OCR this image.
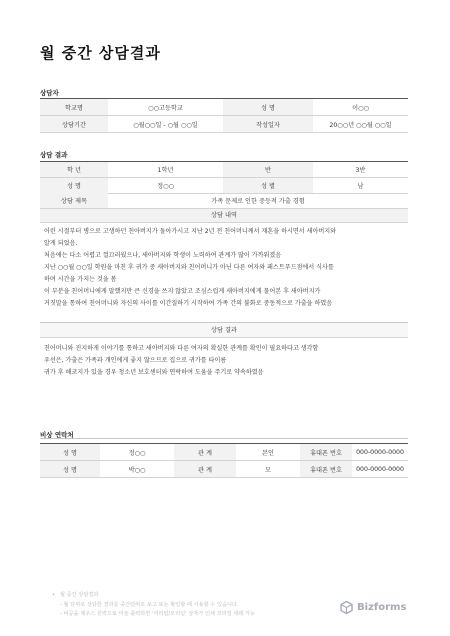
월 중간 상담결과
상담자
학교명	○○고등학교	성 명	이○○
상담기간	○월○○일 - ○월 ○○일	작성일자	20○○년 ○○월 ○○일
상담 결과
학 년	1학년	반	3반
성 명	정○○	성 별	남
상담 제목	가족 문제로 인한 중등적 가출 경험
상담 내역

어린 시절부터 병으로 고생하던 친아버지가 돌아가시고 지난 2년 전 친어머니께서 재혼을 하시면서 새아버지와

알게 되었음.

처음에는 다소 어렵고 껄끄러웠으나, 새아버지와 학생이 노력하여 관계가 많이 가까워졌음

지난 ○○월 ○○일 학원을 마친 후 귀가 중 새아버지와 친어머니가 아닌 다른 여자와 패스트푸드점에서 식사를

하며 시간을 가지는 것을 봄

이 부분을 친어머니에게 말했지만 큰 신경을 쓰지 않았고 조심스럽게 새아버지에게 물어본 후 새아버지가

거짓말을 통하여 친어머니와 자신의 사이를 이간질하기 시작하여 가족 간의 불화로 중동적으로 가출을 하였음

상담 결과

친어머니와 진지하게 이야기를 통하고 새아버지와 다른 여자의 확실한 관계를 확인이 필요하다고 생각함

우선은, 가출은 가족과 개인에게 좋지 않으므로 집으로 귀가를 타이름

귀가 후 해코지가 있을 경우 청소년 보호센터와 연락하여 도움을 주기로 약속하였음

비상 연락처
성 명	정○○	관 계	본인	휴대폰 번호	000-0000-0000
성 명	박○○	관 계	모	휴대폰 번호	000-0000-0000
• 월 중간 상담결과
- 월 단위로 상담한 결과를 중간단위로 보고 또는 확인할 때 사용할 수 있습니다.
- 비공을 제우스 원력으로 미술 출력하면 '여리럼/모리럼' 상자가 인쇄 코리얼 세웨 가능
Bizforms
